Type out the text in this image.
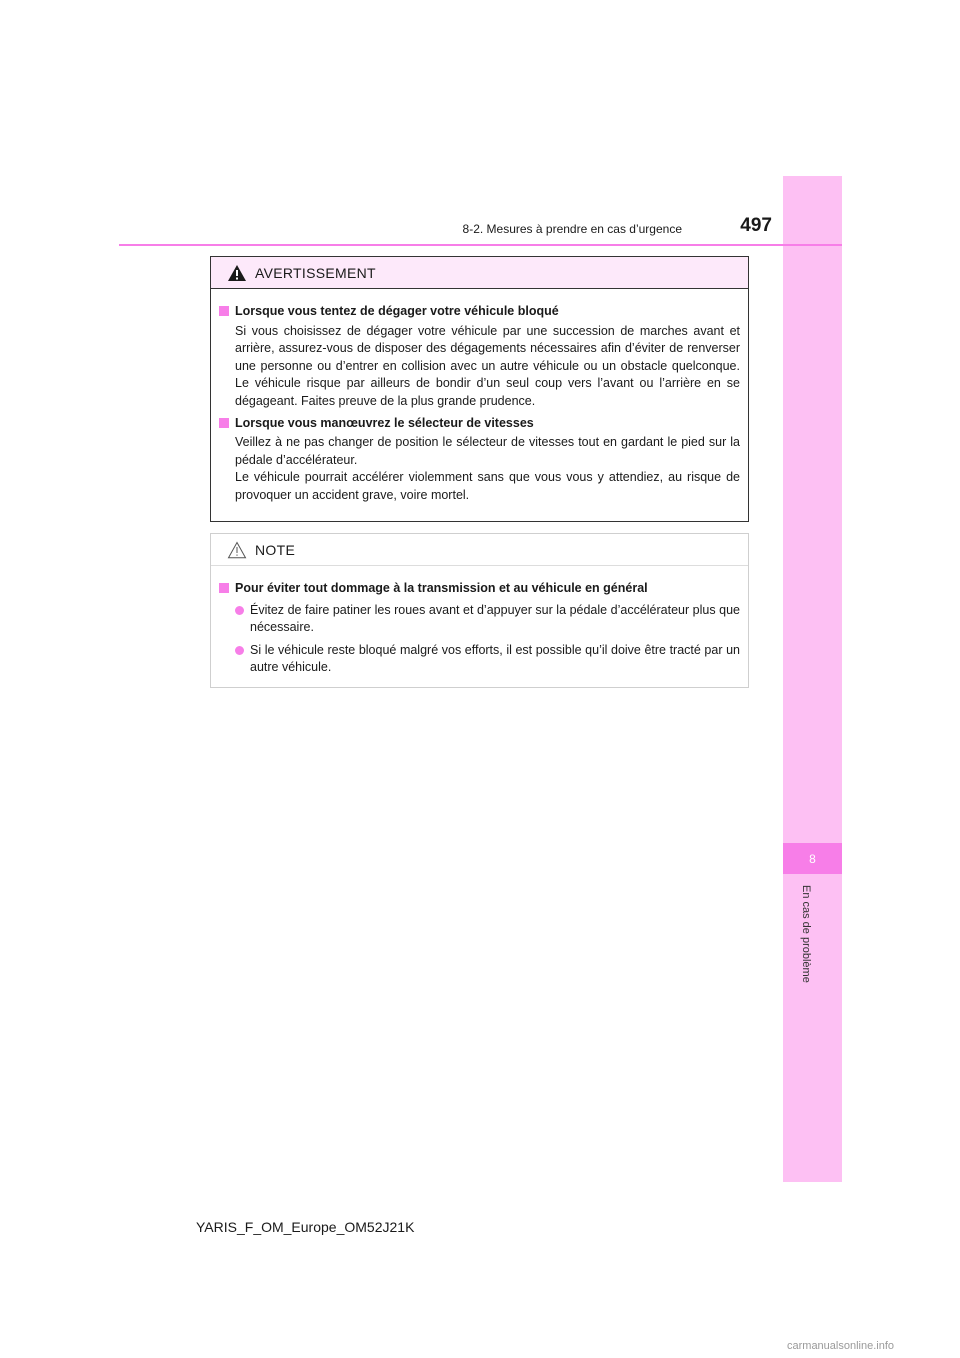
8
En cas de problème
8-2. Mesures à prendre en cas d’urgence	497
AVERTISSEMENT
Lorsque vous tentez de dégager votre véhicule bloqué
Si vous choisissez de dégager votre véhicule par une succession de marches avant et arrière, assurez-vous de disposer des dégagements nécessaires afin d’éviter de renverser une personne ou d’entrer en collision avec un autre véhicule ou un obstacle quelconque. Le véhicule risque par ailleurs de bondir d’un seul coup vers l’avant ou l’arrière en se dégageant. Faites preuve de la plus grande prudence.
Lorsque vous manœuvrez le sélecteur de vitesses
Veillez à ne pas changer de position le sélecteur de vitesses tout en gardant le pied sur la pédale d’accélérateur.
Le véhicule pourrait accélérer violemment sans que vous vous y attendiez, au risque de provoquer un accident grave, voire mortel.
NOTE
Pour éviter tout dommage à la transmission et au véhicule en général
Évitez de faire patiner les roues avant et d’appuyer sur la pédale d’accélérateur plus que nécessaire.
Si le véhicule reste bloqué malgré vos efforts, il est possible qu’il doive être tracté par un autre véhicule.
YARIS_F_OM_Europe_OM52J21K
carmanualsonline.info
